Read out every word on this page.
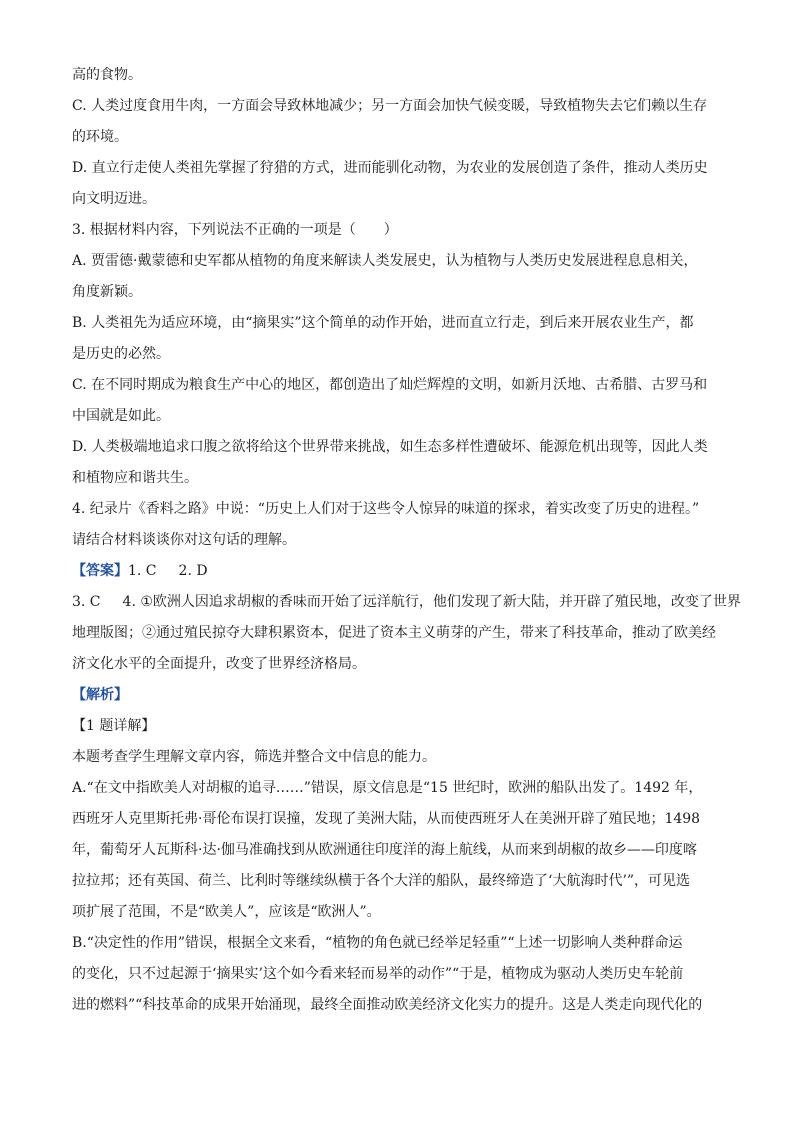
高的食物。
C. 人类过度食用牛肉，一方面会导致林地减少；另一方面会加快气候变暖，导致植物失去它们赖以生存
的环境。
D. 直立行走使人类祖先掌握了狩猎的方式，进而能驯化动物，为农业的发展创造了条件，推动人类历史
向文明迈进。
3. 根据材料内容，下列说法不正确的一项是（　　）
A. 贾雷德·戴蒙德和史军都从植物的角度来解读人类发展史，认为植物与人类历史发展进程息息相关，
角度新颖。
B. 人类祖先为适应环境，由“摘果实”这个简单的动作开始，进而直立行走，到后来开展农业生产，都
是历史的必然。
C. 在不同时期成为粮食生产中心的地区，都创造出了灿烂辉煌的文明，如新月沃地、古希腊、古罗马和
中国就是如此。
D. 人类极端地追求口腹之欲将给这个世界带来挑战，如生态多样性遭破坏、能源危机出现等，因此人类
和植物应和谐共生。
4. 纪录片《香料之路》中说：“历史上人们对于这些令人惊异的味道的探求，着实改变了历史的进程。”
请结合材料谈谈你对这句话的理解。
【答案】1. C 2. D
3. C 4. ①欧洲人因追求胡椒的香味而开始了远洋航行，他们发现了新大陆，并开辟了殖民地，改变了世界
地理版图；②通过殖民掠夺大肆积累资本，促进了资本主义萌芽的产生，带来了科技革命，推动了欧美经
济文化水平的全面提升，改变了世界经济格局。
【解析】
【1 题详解】
本题考查学生理解文章内容，筛选并整合文中信息的能力。
A.“在文中指欧美人对胡椒的追寻……”错误，原文信息是“15 世纪时，欧洲的船队出发了。1492 年，
西班牙人克里斯托弗·哥伦布误打误撞，发现了美洲大陆，从而使西班牙人在美洲开辟了殖民地；1498
年，葡萄牙人瓦斯科·达·伽马准确找到从欧洲通往印度洋的海上航线，从而来到胡椒的故乡——印度喀
拉拉邦；还有英国、荷兰、比利时等继续纵横于各个大洋的船队，最终缔造了‘大航海时代’”，可见选
项扩展了范围，不是“欧美人”，应该是“欧洲人”。
B.“决定性的作用”错误，根据全文来看，“植物的角色就已经举足轻重”“上述一切影响人类种群命运
的变化，只不过起源于‘摘果实’这个如今看来轻而易举的动作”“于是，植物成为驱动人类历史车轮前
进的燃料”“科技革命的成果开始涌现，最终全面推动欧美经济文化实力的提升。这是人类走向现代化的
